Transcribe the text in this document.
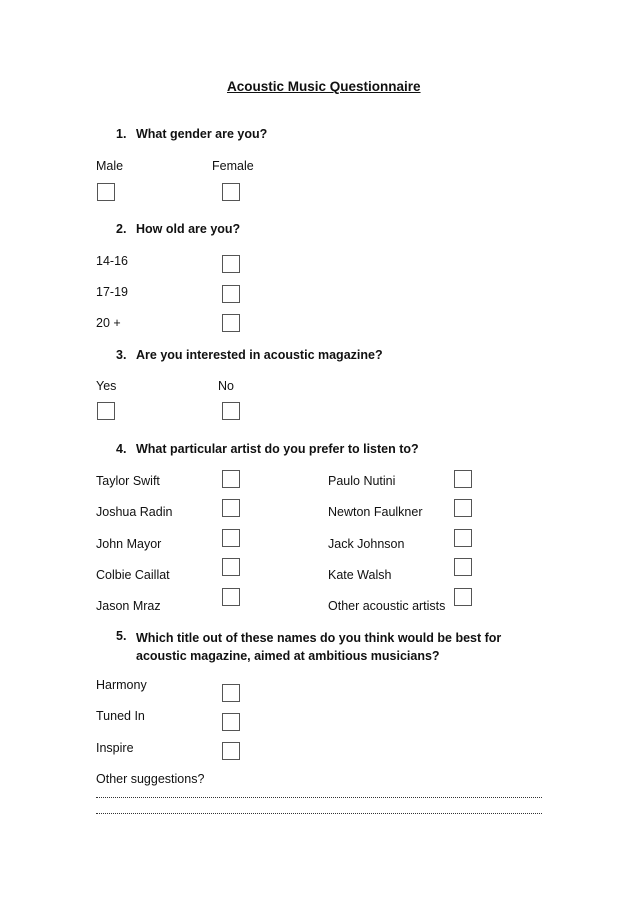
Acoustic Music Questionnaire
1. What gender are you?
Male	Female
2. How old are you?
14-16
17-19
20 +
3. Are you interested in acoustic magazine?
Yes	No
4. What particular artist do you prefer to listen to?
Taylor Swift
Joshua Radin
John Mayor
Colbie Caillat
Jason Mraz
Paulo Nutini
Newton Faulkner
Jack Johnson
Kate Walsh
Other acoustic artists
5. Which title out of these names do you think would be best for acoustic magazine, aimed at ambitious musicians?
Harmony
Tuned In
Inspire
Other suggestions?
